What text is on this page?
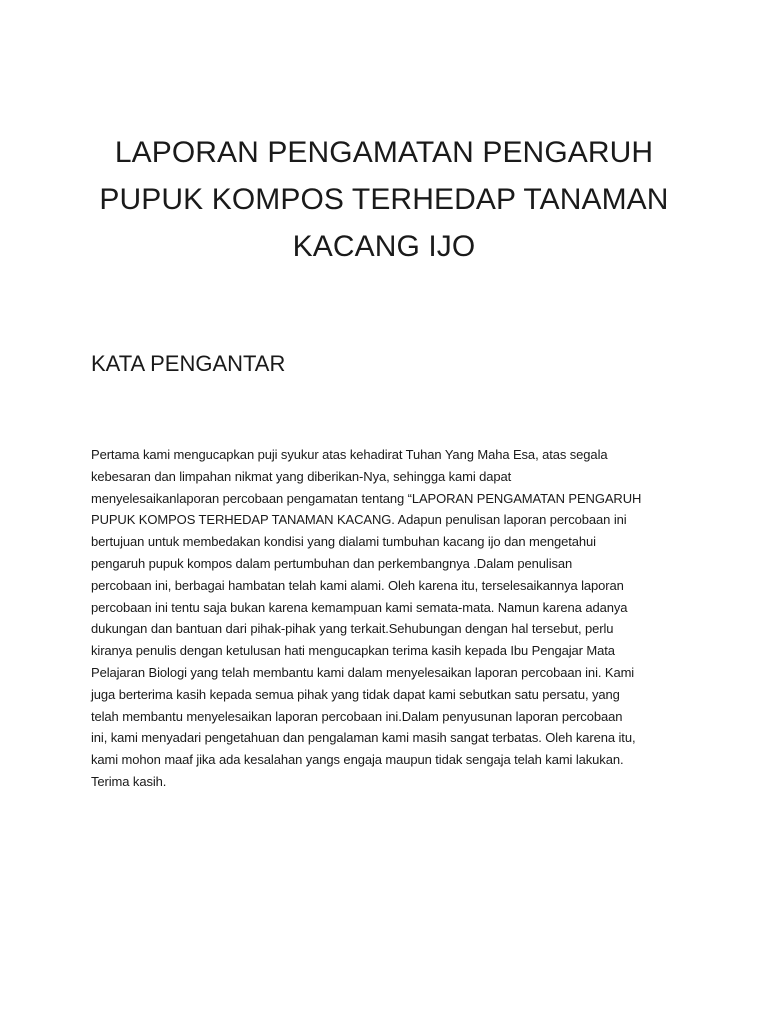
LAPORAN PENGAMATAN PENGARUH
PUPUK KOMPOS TERHEDAP TANAMAN
KACANG IJO
KATA PENGANTAR
Pertama kami mengucapkan puji syukur atas kehadirat Tuhan Yang Maha Esa, atas segala
kebesaran dan limpahan nikmat yang diberikan-Nya, sehingga kami dapat
menyelesaikanlaporan percobaan pengamatan tentang “LAPORAN PENGAMATAN PENGARUH
PUPUK KOMPOS TERHEDAP TANAMAN KACANG. Adapun penulisan laporan percobaan ini
bertujuan untuk membedakan kondisi yang dialami tumbuhan kacang ijo dan mengetahui
pengaruh pupuk kompos dalam pertumbuhan dan perkembangnya .Dalam penulisan
percobaan ini, berbagai hambatan telah kami alami. Oleh karena itu, terselesaikannya laporan
percobaan ini tentu saja bukan karena kemampuan kami semata-mata. Namun karena adanya
dukungan dan bantuan dari pihak-pihak yang terkait.Sehubungan dengan hal tersebut, perlu
kiranya penulis dengan ketulusan hati mengucapkan terima kasih kepada Ibu Pengajar Mata
Pelajaran Biologi yang telah membantu kami dalam menyelesaikan laporan percobaan ini. Kami
juga berterima kasih kepada semua pihak yang tidak dapat kami sebutkan satu persatu, yang
telah membantu menyelesaikan laporan percobaan ini.Dalam penyusunan laporan percobaan
ini, kami menyadari pengetahuan dan pengalaman kami masih sangat terbatas. Oleh karena itu,
kami mohon maaf jika ada kesalahan yangs engaja maupun tidak sengaja telah kami lakukan.
Terima kasih.
